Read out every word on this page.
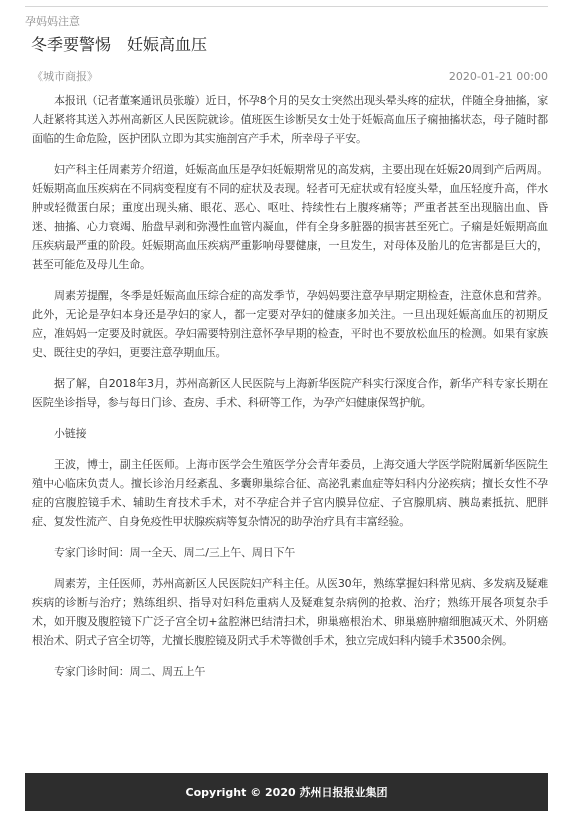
孕妈妈注意
冬季要警惕　妊娠高血压
《城市商报》	2020-01-21 00:00

本报讯（记者董案通讯员张璇）近日，怀孕8个月的吴女士突然出现头晕头疼的症状，伴随全身抽搐，家人赶紧将其送入苏州高新区人民医院就诊。值班医生诊断吴女士处于妊娠高血压子痫抽搐状态，母子随时都面临的生命危险，医护团队立即为其实施剖宫产手术，所幸母子平安。

妇产科主任周素芳介绍道，妊娠高血压是孕妇妊娠期常见的高发病，主要出现在妊娠20周到产后两周。妊娠期高血压疾病在不同病变程度有不同的症状及表现。轻者可无症状或有轻度头晕，血压轻度升高，伴水肿或轻微蛋白尿；重度出现头痛、眼花、恶心、呕吐、持续性右上腹疼痛等；严重者甚至出现脑出血、昏迷、抽搐、心力衰竭、胎盘早剥和弥漫性血管内凝血，伴有全身多脏器的损害甚至死亡。子痫是妊娠期高血压疾病最严重的阶段。妊娠期高血压疾病严重影响母婴健康，一旦发生，对母体及胎儿的危害都是巨大的，甚至可能危及母儿生命。

周素芳提醒，冬季是妊娠高血压综合症的高发季节，孕妈妈要注意孕早期定期检查，注意休息和营养。此外，无论是孕妇本身还是孕妇的家人，都一定要对孕妇的健康多加关注。一旦出现妊娠高血压的初期反应，准妈妈一定要及时就医。孕妇需要特别注意怀孕早期的检查，平时也不要放松血压的检测。如果有家族史、既往史的孕妇，更要注意孕期血压。

据了解，自2018年3月，苏州高新区人民医院与上海新华医院产科实行深度合作，新华产科专家长期在医院坐诊指导，参与每日门诊、查房、手术、科研等工作，为孕产妇健康保驾护航。

小链接

王波，博士，副主任医师。上海市医学会生殖医学分会青年委员，上海交通大学医学院附属新华医院生殖中心临床负责人。擅长诊治月经紊乱、多囊卵巢综合征、高泌乳素血症等妇科内分泌疾病；擅长女性不孕症的宫腹腔镜手术、辅助生育技术手术，对不孕症合并子宫内膜异位症、子宫腺肌病、胰岛素抵抗、肥胖症、复发性流产、自身免疫性甲状腺疾病等复杂情况的助孕治疗具有丰富经验。

专家门诊时间：周一全天、周二/三上午、周日下午

周素芳，主任医师，苏州高新区人民医院妇产科主任。从医30年，熟练掌握妇科常见病、多发病及疑难疾病的诊断与治疗；熟练组织、指导对妇科危重病人及疑难复杂病例的抢救、治疗；熟练开展各项复杂手术，如开腹及腹腔镜下广泛子宫全切+盆腔淋巴结清扫术，卵巢癌根治术、卵巢癌肿瘤细胞减灭术、外阴癌根治术、阴式子宫全切等，尤擅长腹腔镜及阴式手术等微创手术，独立完成妇科内镜手术3500余例。

专家门诊时间：周二、周五上午

Copyright © 2020 苏州日报报业集团
